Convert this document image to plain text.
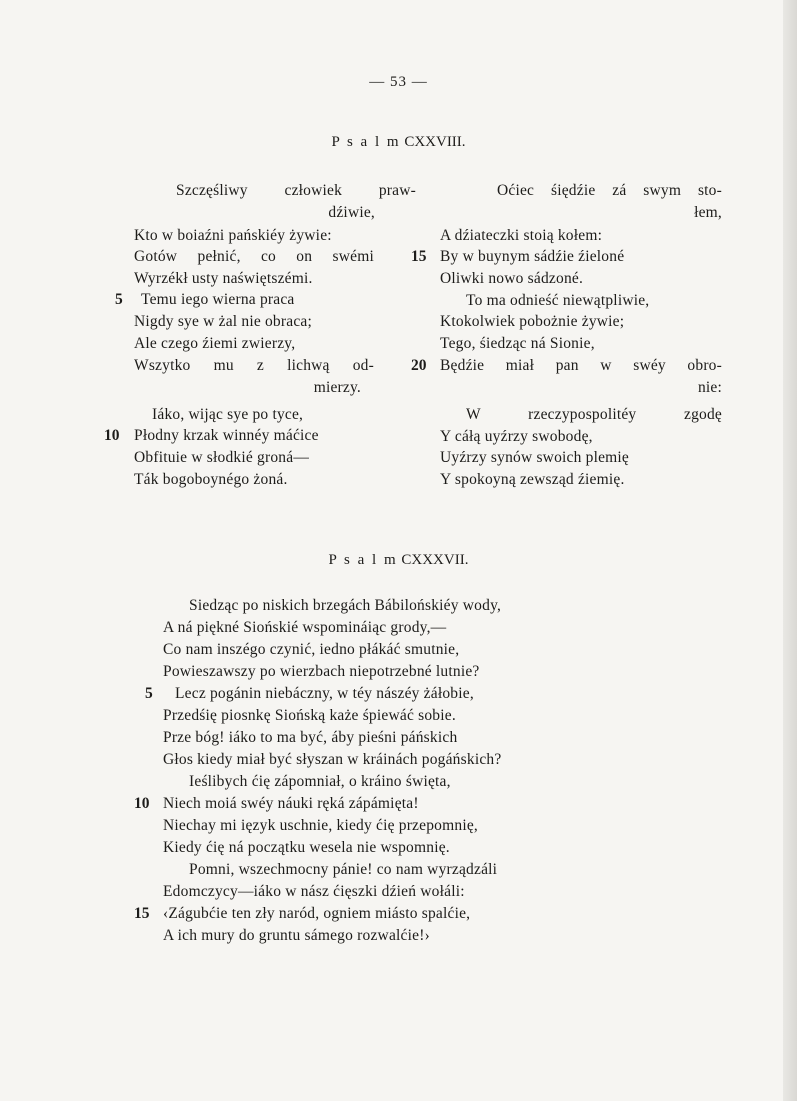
— 53 —
P s a l m CXXVIII.
Szczęśliwy człowiek praw-
dźiwie,
Kto w boiaźni pańskiéy żywie:
Gotów pełnić, co on swémi
Wyrzékł usty naświętszémi.
5 Temu iego wierna praca
Nigdy sye w żal nie obraca;
Ale czego źiemi zwierzy,
Wszytko mu z lichwą od-
mierzy.
Iáko, wijąc sye po tyce,
10 Płodny krzak winnéy máćice
Obfituie w słodkié groná—
Ták bogoboynégo żoná.
Oćiec śiędźie zá swym sto-
łem,
A dźiateczki stoią kołem:
15 By w buynym sádźie źieloné
Oliwki nowo sádzoné.
To ma odnieść niewątpliwie,
Ktokolwiek pobożnie żywie;
Tego, śiedząc ná Sionie,
20 Będźie miał pan w swéy obro-
nie:
W rzeczypospolitéy zgodę
Y cáłą uyźrzy swobodę,
Uyźrzy synów swoich plemię
Y spokoyną zewsząd źiemię.
P s a l m CXXXVII.
Siedząc po niskich brzegách Bábilońskiéy wody,
A ná piękné Siońskié wspomináiąc grody,—
Co nam inszégo czynić, iedno płákáć smutnie,
Powieszawszy po wierzbach niepotrzebné lutnie?
5 Lecz pogánin niebáczny, w téy nászéy żáłobie,
Przedśię piosnkę Siońską każe śpiewáć sobie.
Prze bóg! iáko to ma być, áby pieśni páńskich
Głos kiedy miał być słyszan w kráinách pogáńskich?
Ieślibych ćię zápomniał, o kráino święta,
10 Niech moiá swéy náuki ręká zápámięta!
Niechay mi ięzyk uschnie, kiedy ćię przepomnię,
Kiedy ćię ná początku wesela nie wspomnię.
Pomni, wszechmocny pánie! co nam wyrządzáli
Edomczycy—iáko w nász ćięszki dźień wołáli:
15 ‹Zágubćie ten zły naród, ogniem miásto spalćie,
A ich mury do gruntu sámego rozwalćie!›
